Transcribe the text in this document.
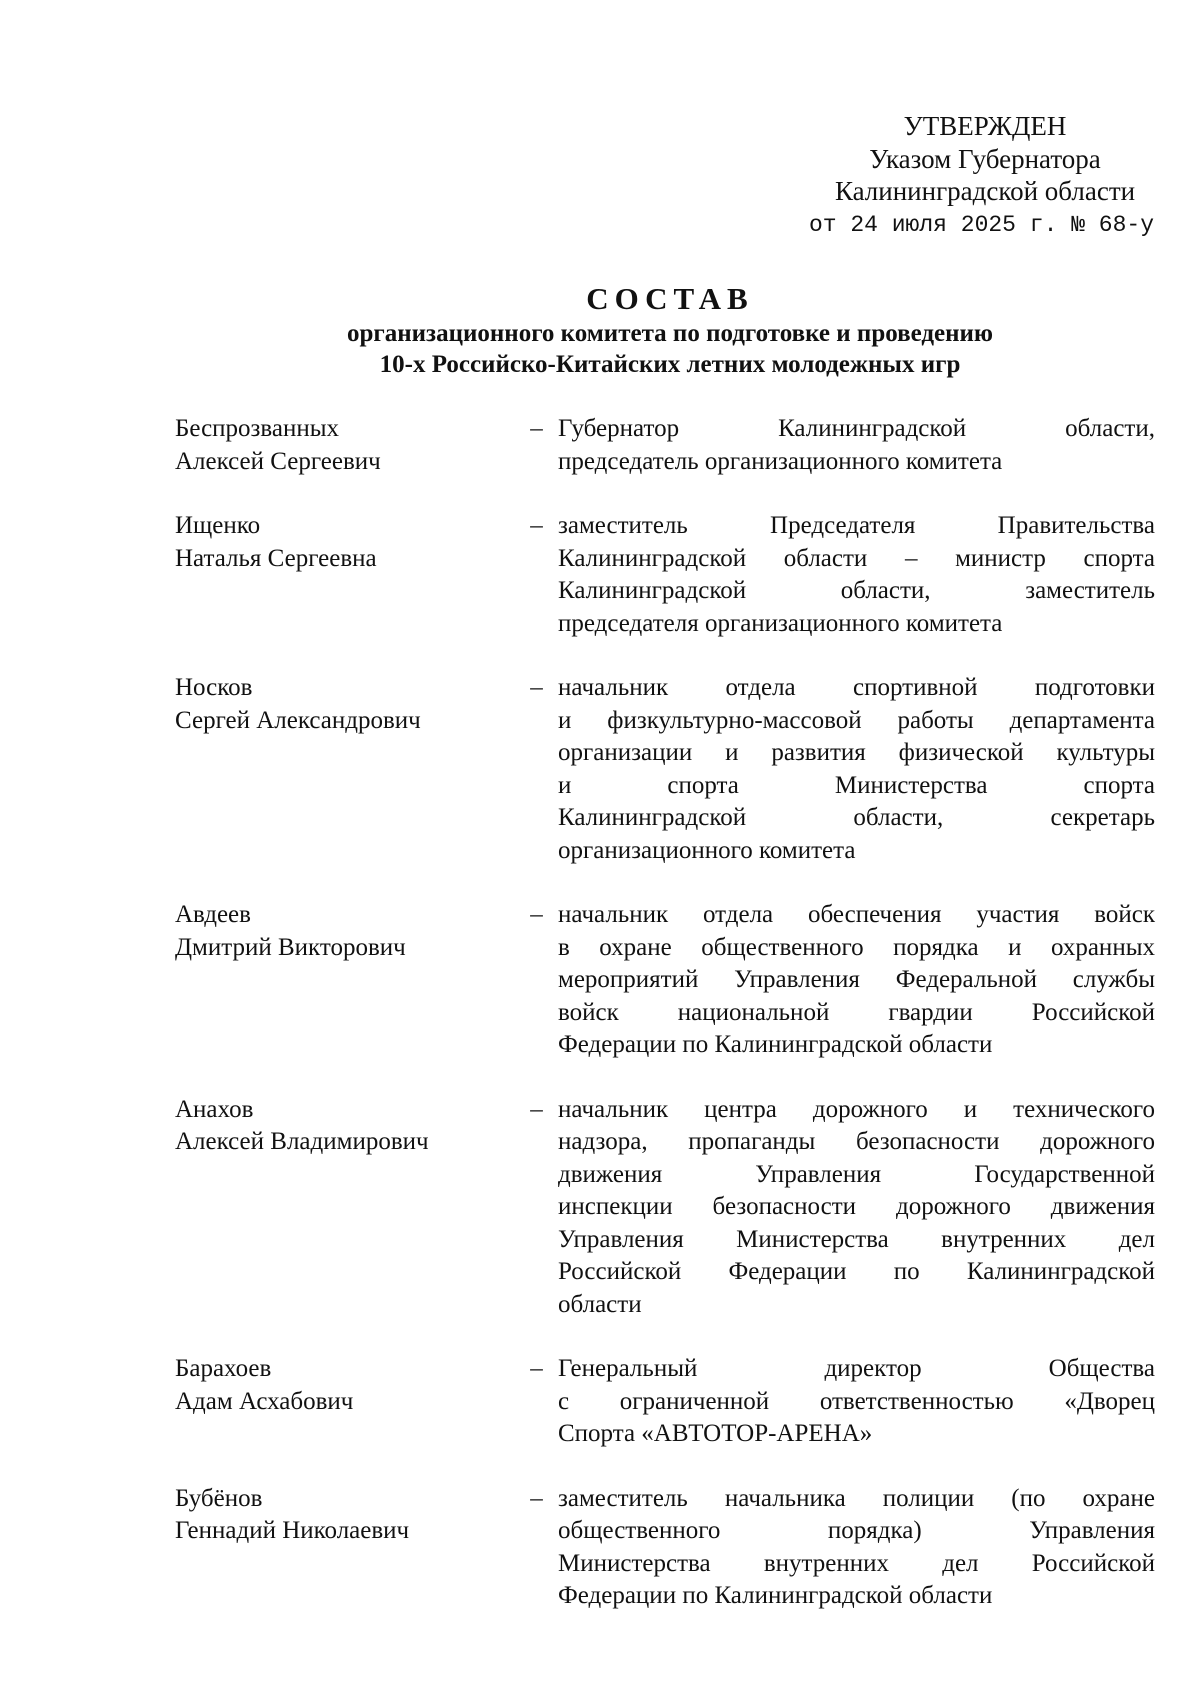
УТВЕРЖДЕН
Указом Губернатора
Калининградской области
от 24 июля 2025 г. № 68-у
СОСТАВ
организационного комитета по подготовке и проведению
10-х Российско-Китайских летних молодежных игр
Беспрозванных
Алексей Сергеевич
– Губернатор Калининградской области,
председатель организационного комитета
Ищенко
Наталья Сергеевна
– заместитель Председателя Правительства
Калининградской области – министр спорта
Калининградской области, заместитель
председателя организационного комитета
Носков
Сергей Александрович
– начальник отдела спортивной подготовки
и физкультурно-массовой работы департамента
организации и развития физической культуры
и спорта Министерства спорта
Калининградской области, секретарь
организационного комитета
Авдеев
Дмитрий Викторович
– начальник отдела обеспечения участия войск
в охране общественного порядка и охранных
мероприятий Управления Федеральной службы
войск национальной гвардии Российской
Федерации по Калининградской области
Анахов
Алексей Владимирович
– начальник центра дорожного и технического
надзора, пропаганды безопасности дорожного
движения Управления Государственной
инспекции безопасности дорожного движения
Управления Министерства внутренних дел
Российской Федерации по Калининградской
области
Барахоев
Адам Асхабович
– Генеральный директор Общества
с ограниченной ответственностью «Дворец
Спорта «АВТОТОР-АРЕНА»
Бубёнов
Геннадий Николаевич
– заместитель начальника полиции (по охране
общественного порядка) Управления
Министерства внутренних дел Российской
Федерации по Калининградской области
